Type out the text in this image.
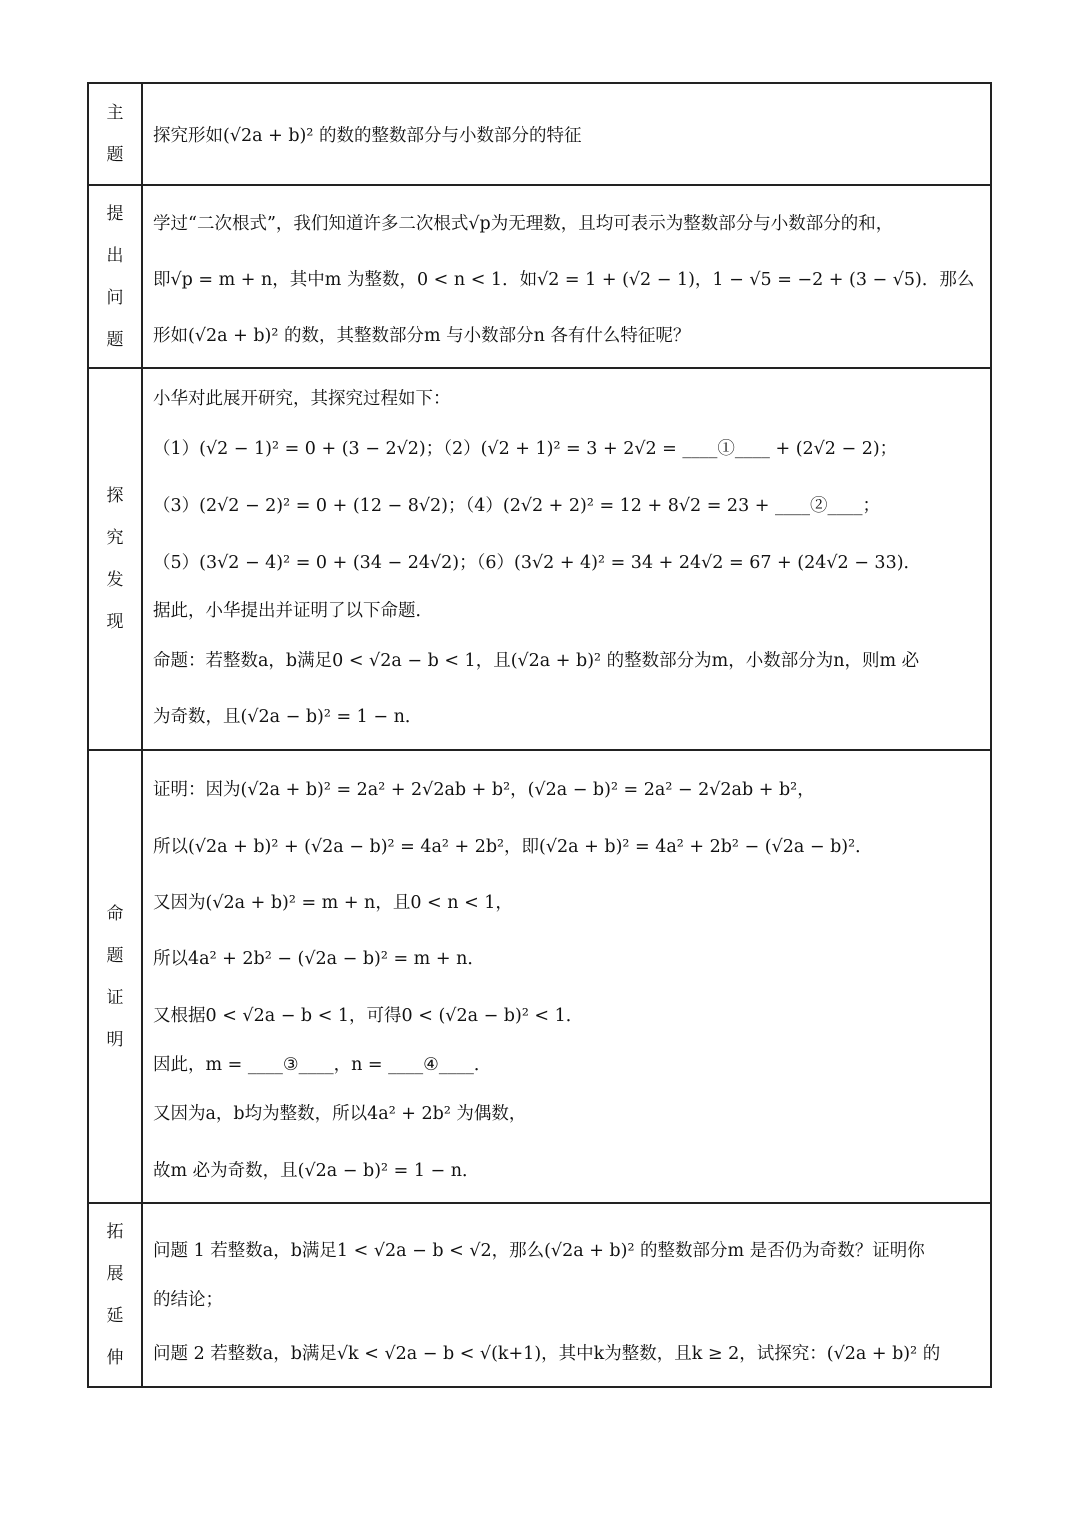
主
题
探究形如(√2a + b)² 的数的整数部分与小数部分的特征
提
出
问
题
学过“二次根式”，我们知道许多二次根式√p为无理数，且均可表示为整数部分与小数部分的和，
即√p = m + n，其中m 为整数，0 < n < 1．如√2 = 1 + (√2 − 1)，1 − √5 = −2 + (3 − √5)．那么
形如(√2a + b)² 的数，其整数部分m 与小数部分n 各有什么特征呢？
探
究
发
现
小华对此展开研究，其探究过程如下：
（1）(√2 − 1)² = 0 + (3 − 2√2)；（2）(√2 + 1)² = 3 + 2√2 = ____①____ + (2√2 − 2)；
（3）(2√2 − 2)² = 0 + (12 − 8√2)；（4）(2√2 + 2)² = 12 + 8√2 = 23 + ____②____；
（5）(3√2 − 4)² = 0 + (34 − 24√2)；（6）(3√2 + 4)² = 34 + 24√2 = 67 + (24√2 − 33)．
据此，小华提出并证明了以下命题．
命题：若整数a，b满足0 < √2a − b < 1，且(√2a + b)² 的整数部分为m，小数部分为n，则m 必
为奇数，且(√2a − b)² = 1 − n．
命
题
证
明
证明：因为(√2a + b)² = 2a² + 2√2ab + b²，(√2a − b)² = 2a² − 2√2ab + b²，
所以(√2a + b)² + (√2a − b)² = 4a² + 2b²，即(√2a + b)² = 4a² + 2b² − (√2a − b)²．
又因为(√2a + b)² = m + n，且0 < n < 1，
所以4a² + 2b² − (√2a − b)² = m + n．
又根据0 < √2a − b < 1，可得0 < (√2a − b)² < 1．
因此，m = ____③____，n = ____④____．
又因为a，b均为整数，所以4a² + 2b² 为偶数，
故m 必为奇数，且(√2a − b)² = 1 − n．
拓
展
延
伸
问题 1 若整数a，b满足1 < √2a − b < √2，那么(√2a + b)² 的整数部分m 是否仍为奇数？证明你
的结论；
问题 2 若整数a，b满足√k < √2a − b < √(k+1)，其中k为整数，且k ≥ 2，试探究：(√2a + b)² 的
